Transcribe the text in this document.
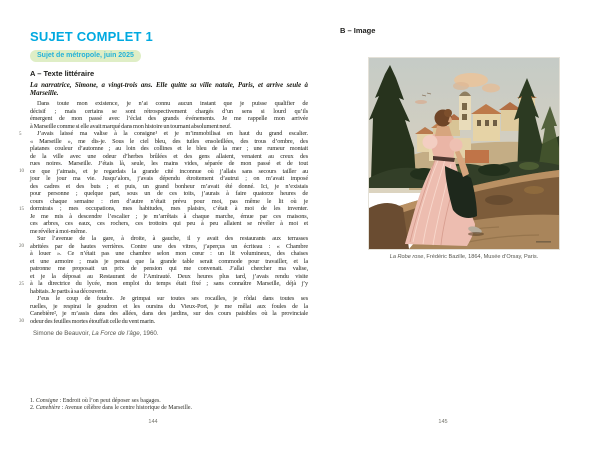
SUJET COMPLET 1
Sujet de métropole, juin 2025
A – Texte littéraire
La narratrice, Simone, a vingt-trois ans. Elle quitte sa ville natale, Paris, et arrive seule à Marseille.
Dans toute mon existence, je n’ai connu aucun instant que je puisse qualifier de
décisif ; mais certains se sont rétrospectivement chargés d’un sens si lourd qu’ils
émergent de mon passé avec l’éclat des grands événements. Je me rappelle mon arrivée
à Marseille comme si elle avait marqué dans mon histoire un tournant absolument neuf.
5	J’avais laissé ma valise à la consigne¹ et je m’immobilisai en haut du grand escalier.
« Marseille », me dis-je. Sous le ciel bleu, des tuiles ensoleillées, des trous d’ombre, des
platanes couleur d’automne ; au loin des collines et le bleu de la mer ; une rumeur montait
de la ville avec une odeur d’herbes brûlées et des gens allaient, venaient au creux des
rues noires. Marseille. J’étais là, seule, les mains vides, séparée de mon passé et de tout
10 ce que j’aimais, et je regardais la grande cité inconnue où j’allais sans secours tailler au
jour le jour ma vie. Jusqu’alors, j’avais dépendu étroitement d’autrui ; on m’avait imposé
des cadres et des buts ; et puis, un grand bonheur m’avait été donné. Ici, je n’existais
pour personne ; quelque part, sous un de ces toits, j’aurais à faire quatorze heures de
cours chaque semaine : rien d’autre n’était prévu pour moi, pas même le lit où je
15 dormirais ; mes occupations, mes habitudes, mes plaisirs, c’était à moi de les inventer.
Je me mis à descendre l’escalier ; je m’arrêtais à chaque marche, émue par ces maisons,
ces arbres, ces eaux, ces rochers, ces trottoirs qui peu à peu allaient se révéler à moi et
me révéler à moi-même.
Sur l’avenue de la gare, à droite, à gauche, il y avait des restaurants aux terrasses
20 abritées par de hautes verrières. Contre une des vitres, j’aperçus un écriteau : « Chambre
à louer ». Ce n’était pas une chambre selon mon cœur : un lit volumineux, des chaises
et une armoire ; mais je pensai que la grande table serait commode pour travailler, et la
patronne me proposait un prix de pension qui me convenait. J’allai chercher ma valise,
et je la déposai au Restaurant de l’Amirauté. Deux heures plus tard, j’avais rendu visite
25 à la directrice du lycée, mon emploi du temps était fixé ; sans connaître Marseille, déjà j’y
habitais. Je partis à sa découverte.
J’eus le coup de foudre. Je grimpai sur toutes ses rocailles, je rôdai dans toutes ses
ruelles, je respirai le goudron et les oursins du Vieux-Port, je me mêlai aux foules de la
Canebière², je m’assis dans des allées, dans des jardins, sur des cours paisibles où la provinciale
30 odeur des feuilles mortes étouffait celle du vent marin.
Simone de Beauvoir, La Force de l’âge, 1960.
1. Consigne : Endroit où l’on peut déposer ses bagages.
2. Canebière : Avenue célèbre dans le centre historique de Marseille.
144
B – Image
La Robe rose, Frédéric Bazille, 1864, Musée d’Orsay, Paris.
145
